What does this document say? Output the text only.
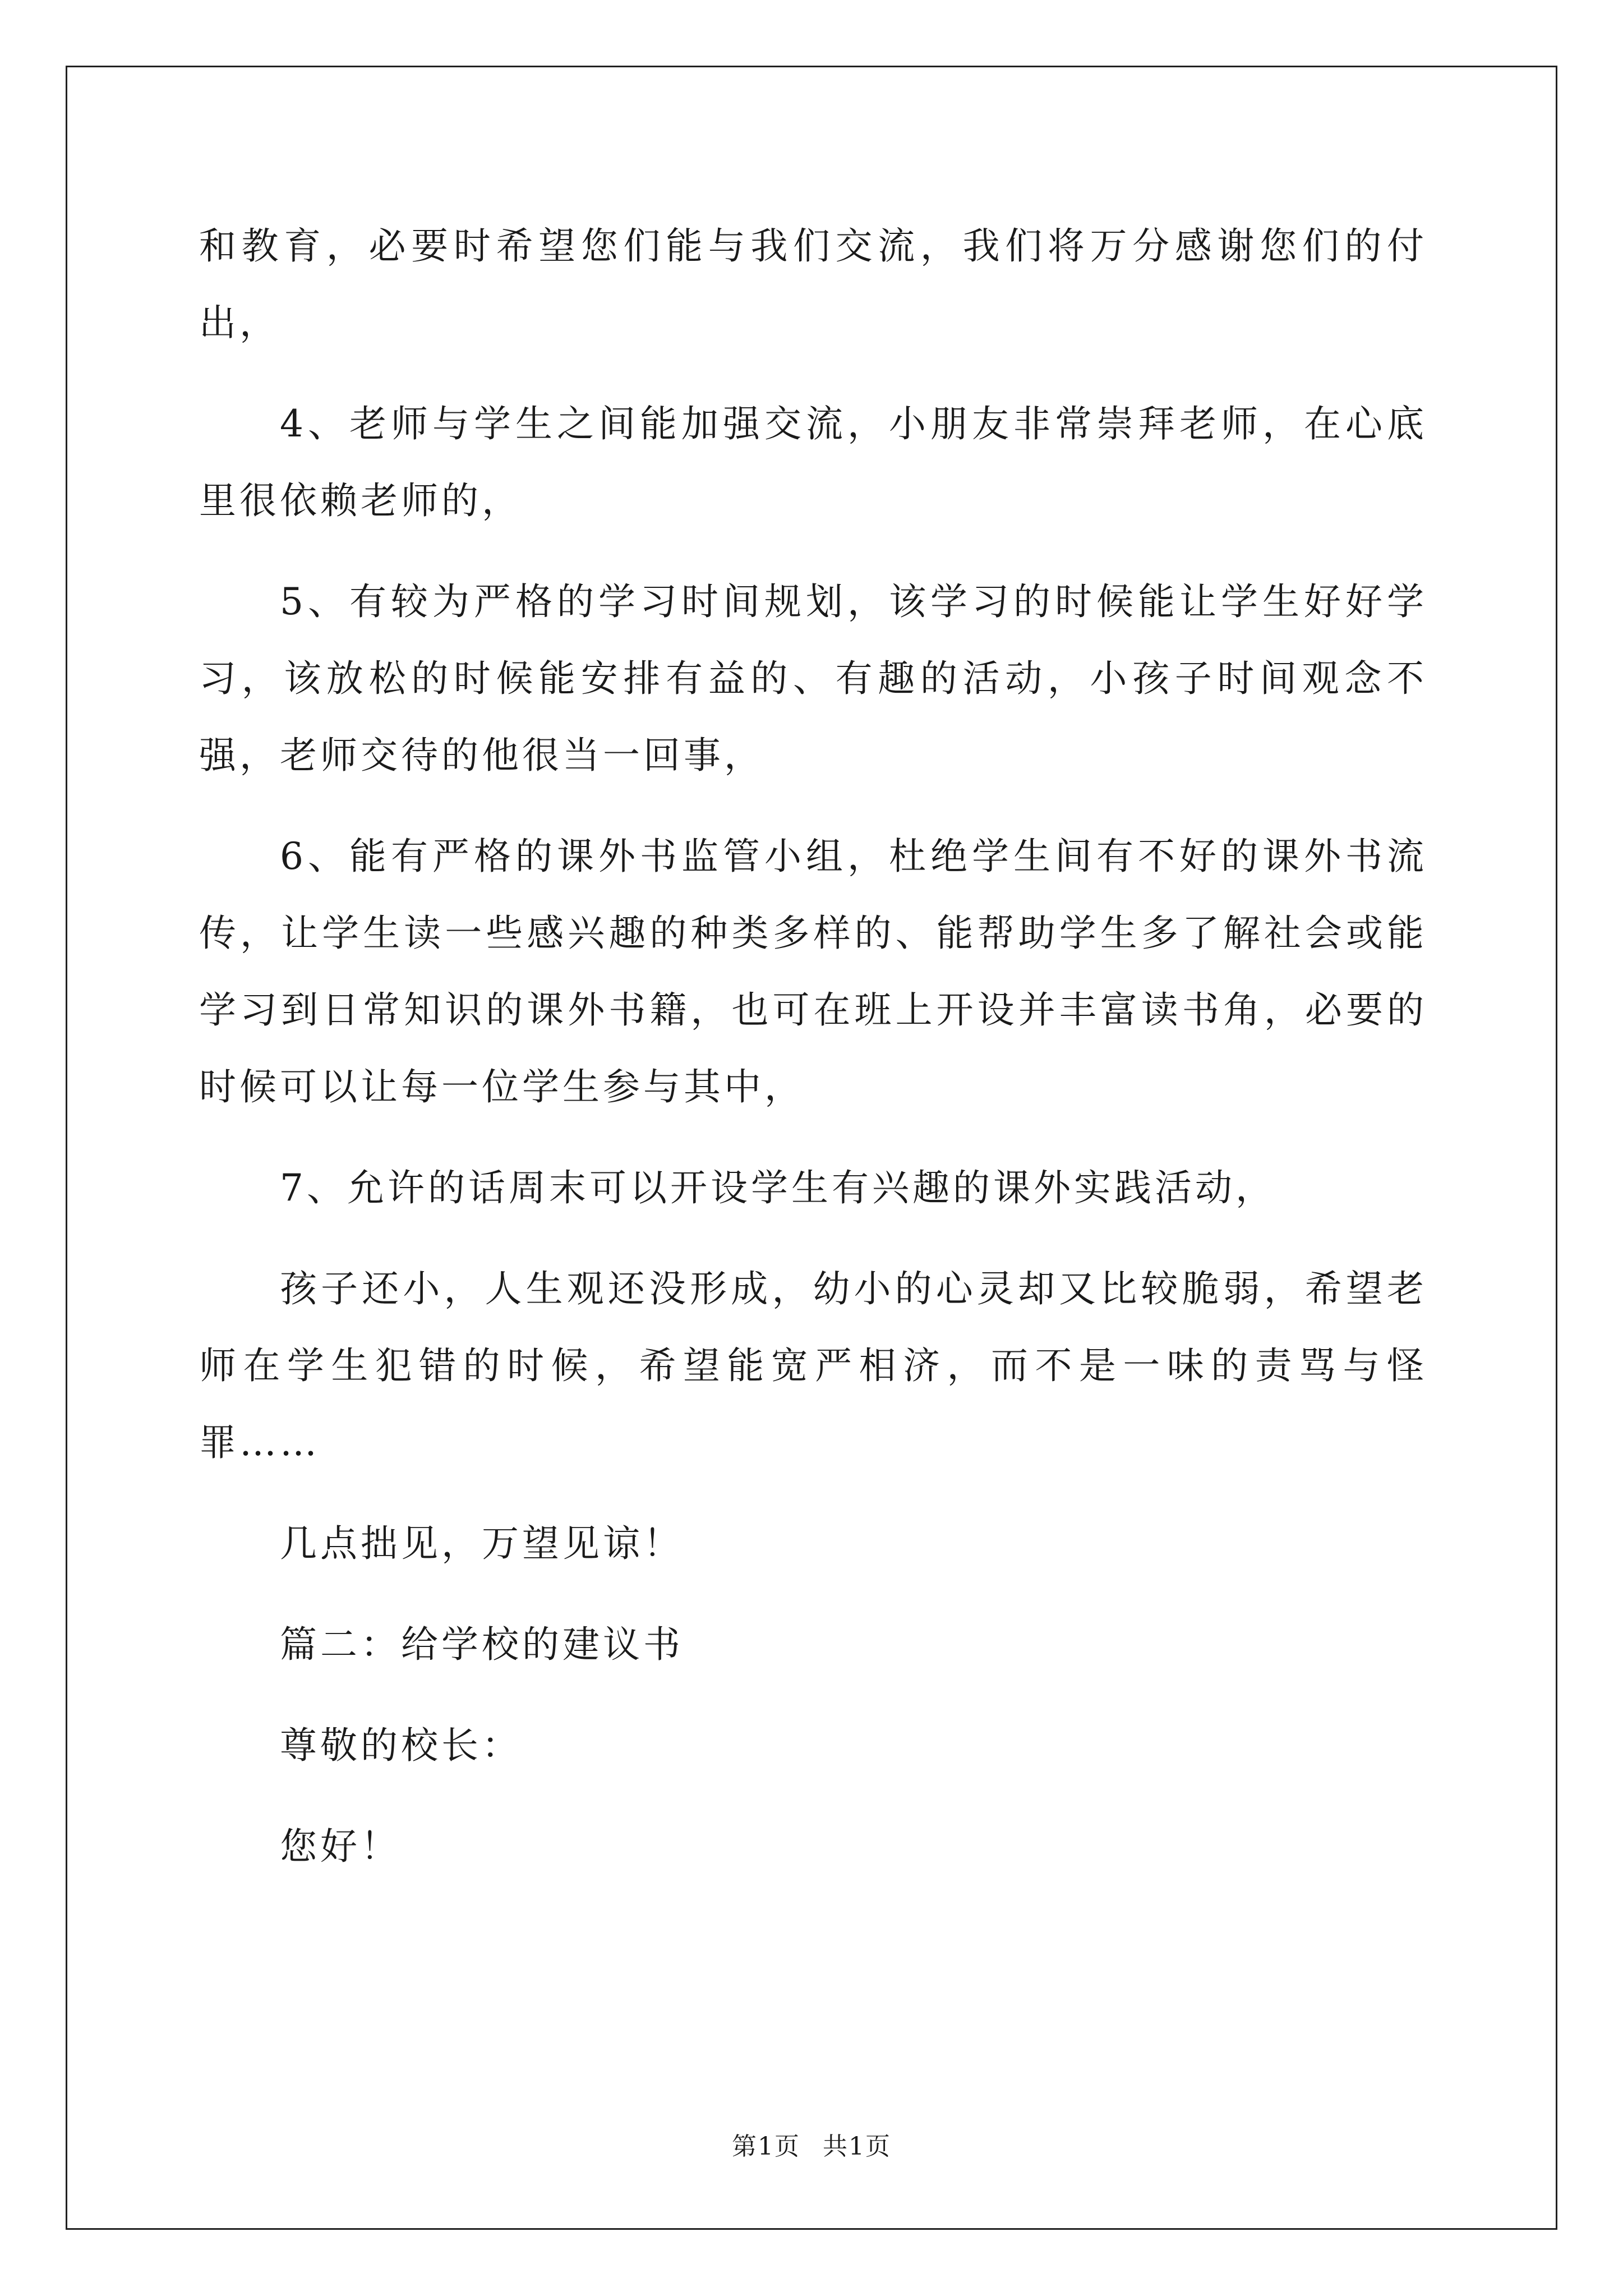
和教育，必要时希望您们能与我们交流，我们将万分感谢您们的付出，

4、老师与学生之间能加强交流，小朋友非常崇拜老师，在心底里很依赖老师的，

5、有较为严格的学习时间规划，该学习的时候能让学生好好学习，该放松的时候能安排有益的、有趣的活动，小孩子时间观念不强，老师交待的他很当一回事，

6、能有严格的课外书监管小组，杜绝学生间有不好的课外书流传，让学生读一些感兴趣的种类多样的、能帮助学生多了解社会或能学习到日常知识的课外书籍，也可在班上开设并丰富读书角，必要的时候可以让每一位学生参与其中，

7、允许的话周末可以开设学生有兴趣的课外实践活动，

孩子还小，人生观还没形成，幼小的心灵却又比较脆弱，希望老师在学生犯错的时候，希望能宽严相济，而不是一味的责骂与怪罪……

几点拙见，万望见谅！

篇二：给学校的建议书

尊敬的校长：

您好！

第1页 共1页
